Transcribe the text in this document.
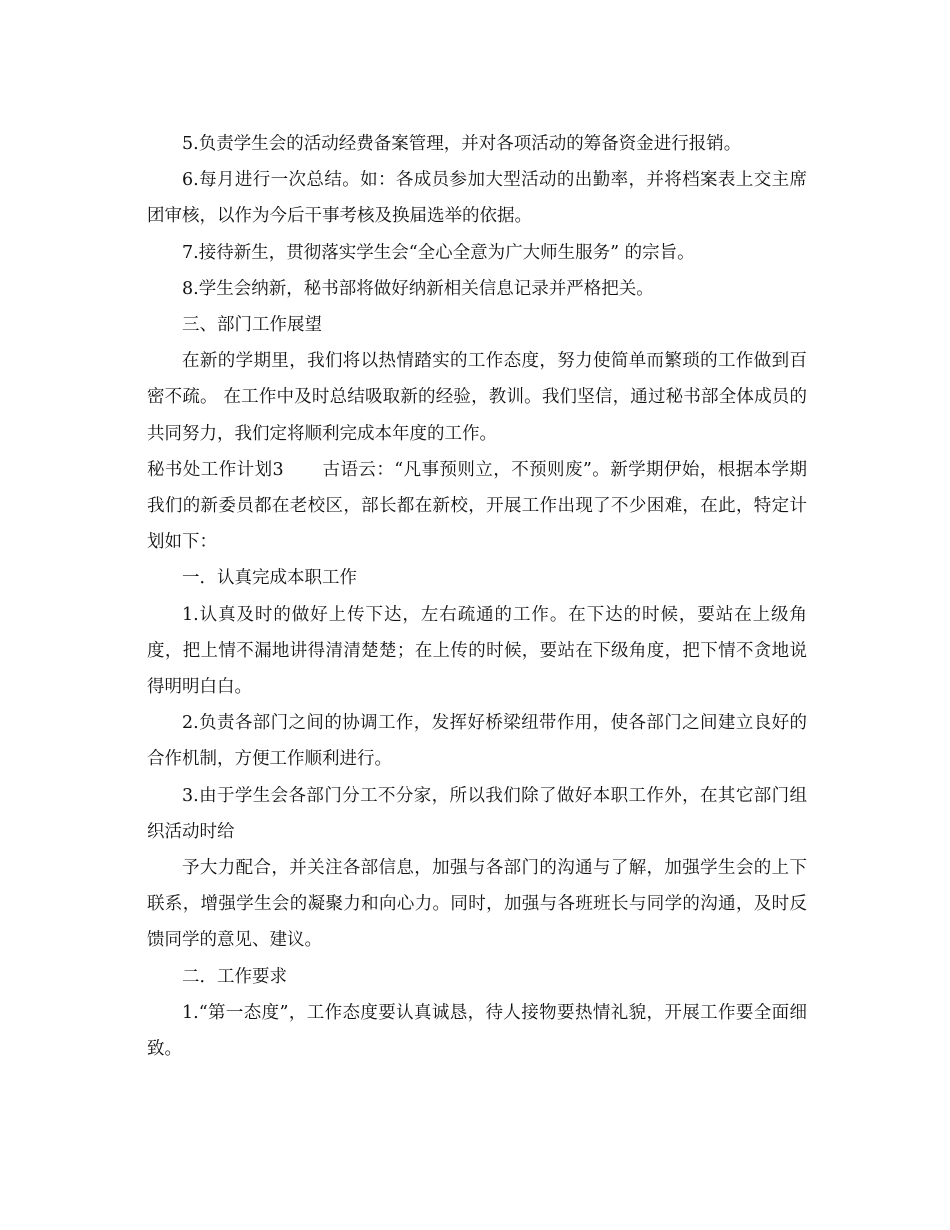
5.负责学生会的活动经费备案管理，并对各项活动的筹备资金进行报销。

6.每月进行一次总结。如：各成员参加大型活动的出勤率，并将档案表上交主席团审核，以作为今后干事考核及换届选举的依据。

7.接待新生，贯彻落实学生会“全心全意为广大师生服务” 的宗旨。

8.学生会纳新，秘书部将做好纳新相关信息记录并严格把关。

三、部门工作展望

在新的学期里，我们将以热情踏实的工作态度，努力使简单而繁琐的工作做到百密不疏。 在工作中及时总结吸取新的经验，教训。我们坚信，通过秘书部全体成员的共同努力，我们定将顺利完成本年度的工作。

秘书处工作计划3 古语云：“凡事预则立，不预则废”。新学期伊始，根据本学期我们的新委员都在老校区，部长都在新校，开展工作出现了不少困难，在此，特定计划如下：

一．认真完成本职工作

1.认真及时的做好上传下达，左右疏通的工作。在下达的时候，要站在上级角度，把上情不漏地讲得清清楚楚；在上传的时候，要站在下级角度，把下情不贪地说得明明白白。

2.负责各部门之间的协调工作，发挥好桥梁纽带作用，使各部门之间建立良好的合作机制，方便工作顺利进行。

3.由于学生会各部门分工不分家，所以我们除了做好本职工作外，在其它部门组织活动时给

予大力配合，并关注各部信息，加强与各部门的沟通与了解，加强学生会的上下联系，增强学生会的凝聚力和向心力。同时，加强与各班班长与同学的沟通，及时反馈同学的意见、建议。

二．工作要求

1.“第一态度”，工作态度要认真诚恳，待人接物要热情礼貌，开展工作要全面细致。
